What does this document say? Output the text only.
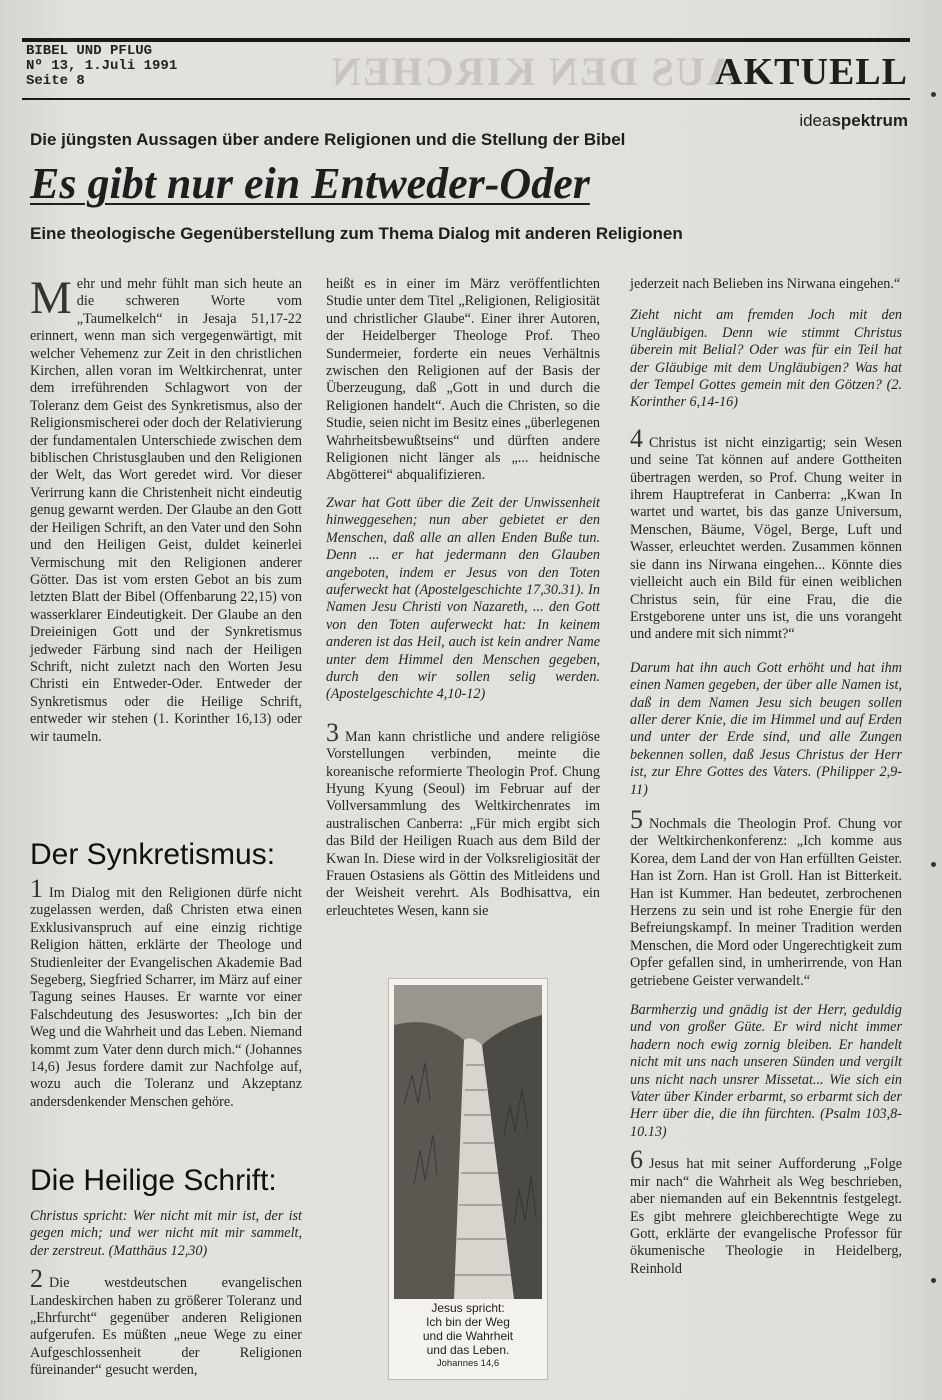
AUS DEN KIRCHEN
BIBEL UND PFLUG
Nº 13, 1.Juli 1991
Seite 8	AKTUELL
ideaspektrum
Die jüngsten Aussagen über andere Religionen und die Stellung der Bibel
Es gibt nur ein Entweder-Oder
Eine theologische Gegenüberstellung zum Thema Dialog mit anderen Religionen

Mehr und mehr fühlt man sich heute an die schweren Worte vom „Taumelkelch“ in Jesaja 51,17-22 erinnert, wenn man sich vergegenwärtigt, mit welcher Vehemenz zur Zeit in den christlichen Kirchen, allen voran im Weltkirchenrat, unter dem irreführenden Schlagwort von der Toleranz dem Geist des Synkretismus, also der Religionsmischerei oder doch der Relativierung der fundamentalen Unterschiede zwischen dem biblischen Christusglauben und den Religionen der Welt, das Wort geredet wird. Vor dieser Verirrung kann die Christenheit nicht eindeutig genug gewarnt werden. Der Glaube an den Gott der Heiligen Schrift, an den Vater und den Sohn und den Heiligen Geist, duldet keinerlei Vermischung mit den Religionen anderer Götter. Das ist vom ersten Gebot an bis zum letzten Blatt der Bibel (Offenbarung 22,15) von wasserklarer Eindeutigkeit. Der Glaube an den Dreieinigen Gott und der Synkretismus jedweder Färbung sind nach der Heiligen Schrift, nicht zuletzt nach den Worten Jesu Christi ein Entweder-Oder. Entweder der Synkretismus oder die Heilige Schrift, entweder wir stehen (1. Korinther 16,13) oder wir taumeln.

Der Synkretismus:

1 Im Dialog mit den Religionen dürfe nicht zugelassen werden, daß Christen etwa einen Exklusivanspruch auf eine einzig richtige Religion hätten, erklärte der Theologe und Studienleiter der Evangelischen Akademie Bad Segeberg, Siegfried Scharrer, im März auf einer Tagung seines Hauses. Er warnte vor einer Falschdeutung des Jesuswortes: „Ich bin der Weg und die Wahrheit und das Leben. Niemand kommt zum Vater denn durch mich.“ (Johannes 14,6) Jesus fordere damit zur Nachfolge auf, wozu auch die Toleranz und Akzeptanz andersdenkender Menschen gehöre.

Die Heilige Schrift:

Christus spricht: Wer nicht mit mir ist, der ist gegen mich; und wer nicht mit mir sammelt, der zerstreut. (Matthäus 12,30)

2 Die westdeutschen evangelischen Landeskirchen haben zu größerer Toleranz und „Ehrfurcht“ gegenüber anderen Religionen aufgerufen. Es müßten „neue Wege zu einer Aufgeschlossenheit der Religionen füreinander“ gesucht werden,

heißt es in einer im März veröffentlichten Studie unter dem Titel „Religionen, Religiosität und christlicher Glaube“. Einer ihrer Autoren, der Heidelberger Theologe Prof. Theo Sundermeier, forderte ein neues Verhältnis zwischen den Religionen auf der Basis der Überzeugung, daß „Gott in und durch die Religionen handelt“. Auch die Christen, so die Studie, seien nicht im Besitz eines „überlegenen Wahrheitsbewußtseins“ und dürften andere Religionen nicht länger als „... heidnische Abgötterei“ abqualifizieren.

Zwar hat Gott über die Zeit der Unwissenheit hinweggesehen; nun aber gebietet er den Menschen, daß alle an allen Enden Buße tun. Denn ... er hat jedermann den Glauben angeboten, indem er Jesus von den Toten auferweckt hat (Apostelgeschichte 17,30.31). In Namen Jesu Christi von Nazareth, ... den Gott von den Toten auferweckt hat: In keinem anderen ist das Heil, auch ist kein andrer Name unter dem Himmel den Menschen gegeben, durch den wir sollen selig werden. (Apostelgeschichte 4,10-12)

3 Man kann christliche und andere religiöse Vorstellungen verbinden, meinte die koreanische reformierte Theologin Prof. Chung Hyung Kyung (Seoul) im Februar auf der Vollversammlung des Weltkirchenrates im australischen Canberra: „Für mich ergibt sich das Bild der Heiligen Ruach aus dem Bild der Kwan In. Diese wird in der Volksreligiosität der Frauen Ostasiens als Göttin des Mitleidens und der Weisheit verehrt. Als Bodhisattva, ein erleuchtetes Wesen, kann sie

Jesus spricht:
Ich bin der Weg
und die Wahrheit
und das Leben.
Johannes 14,6

jederzeit nach Belieben ins Nirwana eingehen.“

Zieht nicht am fremden Joch mit den Ungläubigen. Denn wie stimmt Christus überein mit Belial? Oder was für ein Teil hat der Gläubige mit dem Ungläubigen? Was hat der Tempel Gottes gemein mit den Götzen? (2. Korinther 6,14-16)

4 Christus ist nicht einzigartig; sein Wesen und seine Tat können auf andere Gottheiten übertragen werden, so Prof. Chung weiter in ihrem Hauptreferat in Canberra: „Kwan In wartet und wartet, bis das ganze Universum, Menschen, Bäume, Vögel, Berge, Luft und Wasser, erleuchtet werden. Zusammen können sie dann ins Nirwana eingehen... Könnte dies vielleicht auch ein Bild für einen weiblichen Christus sein, für eine Frau, die die Erstgeborene unter uns ist, die uns vorangeht und andere mit sich nimmt?“

Darum hat ihn auch Gott erhöht und hat ihm einen Namen gegeben, der über alle Namen ist, daß in dem Namen Jesu sich beugen sollen aller derer Knie, die im Himmel und auf Erden und unter der Erde sind, und alle Zungen bekennen sollen, daß Jesus Christus der Herr ist, zur Ehre Gottes des Vaters. (Philipper 2,9-11)

5 Nochmals die Theologin Prof. Chung vor der Weltkirchenkonferenz: „Ich komme aus Korea, dem Land der von Han erfüllten Geister. Han ist Zorn. Han ist Groll. Han ist Bitterkeit. Han ist Kummer. Han bedeutet, zerbrochenen Herzens zu sein und ist rohe Energie für den Befreiungskampf. In meiner Tradition werden Menschen, die Mord oder Ungerechtigkeit zum Opfer gefallen sind, in umherirrende, von Han getriebene Geister verwandelt.“

Barmherzig und gnädig ist der Herr, geduldig und von großer Güte. Er wird nicht immer hadern noch ewig zornig bleiben. Er handelt nicht mit uns nach unseren Sünden und vergilt uns nicht nach unsrer Missetat... Wie sich ein Vater über Kinder erbarmt, so erbarmt sich der Herr über die, die ihn fürchten. (Psalm 103,8-10.13)

6 Jesus hat mit seiner Aufforderung „Folge mir nach“ die Wahrheit als Weg beschrieben, aber niemanden auf ein Bekenntnis festgelegt. Es gibt mehrere gleichberechtigte Wege zu Gott, erklärte der evangelische Professor für ökumenische Theologie in Heidelberg, Reinhold
